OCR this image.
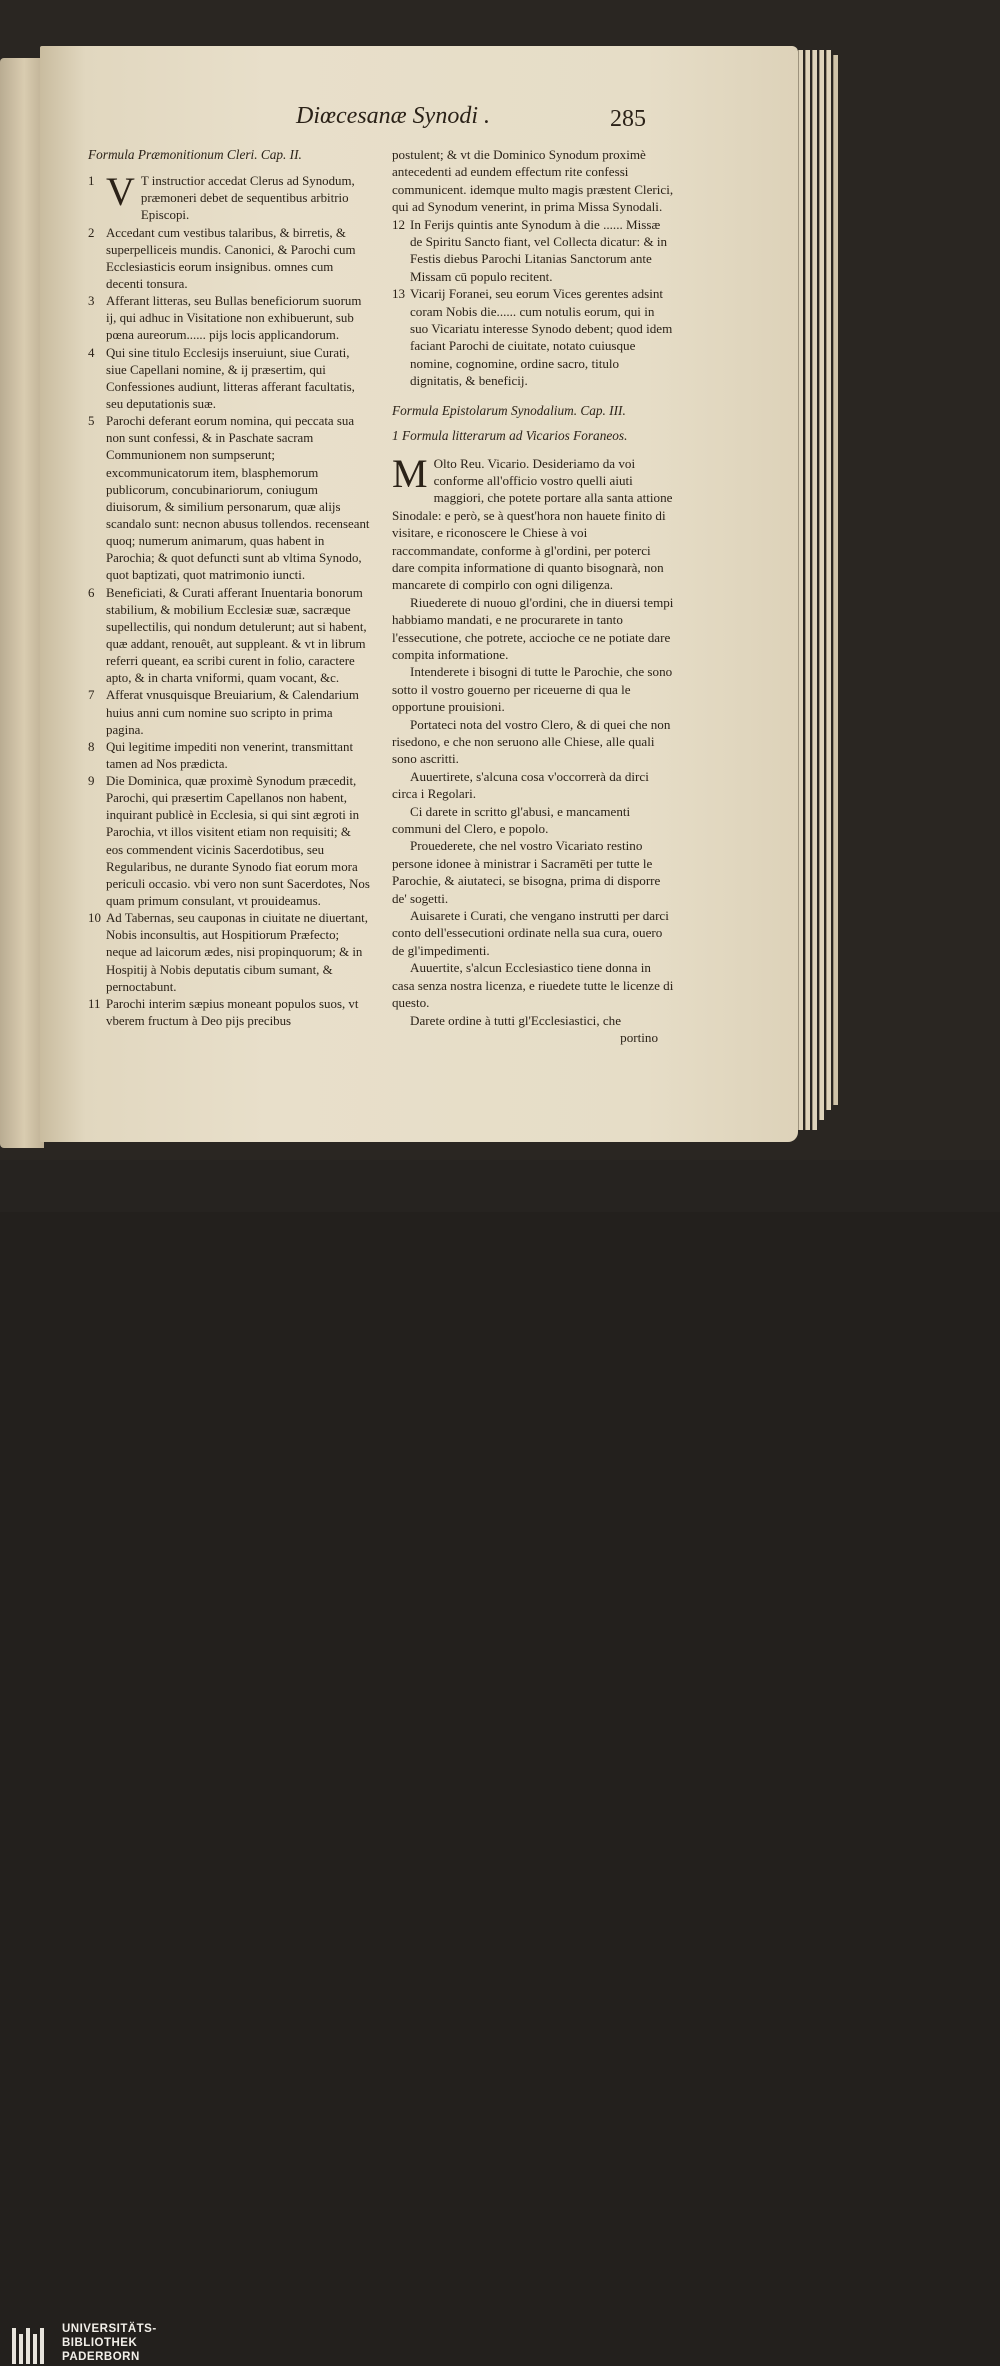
Diœcesanæ Synodi .	285
Formula Præmonitionum Cleri. Cap. II.
1 V T instructior accedat Clerus ad Synodum, præmoneri debet de sequentibus arbitrio Episcopi.
2 Accedant cum vestibus talaribus, & birretis, & superpelliceis mundis. Canonici, & Parochi cum Ecclesiasticis eorum insignibus. omnes cum decenti tonsura.
3 Afferant litteras, seu Bullas beneficiorum suorum ij, qui adhuc in Visitatione non exhibuerunt, sub pœna aureorum...... pijs locis applicandorum.
4 Qui sine titulo Ecclesijs inseruiunt, siue Curati, siue Capellani nomine, & ij præsertim, qui Confessiones audiunt, litteras afferant facultatis, seu deputationis suæ.
5 Parochi deferant eorum nomina, qui peccata sua non sunt confessi, & in Paschate sacram Communionem non sumpserunt; excommunicatorum item, blasphemorum publicorum, concubinariorum, coniugum diuisorum, & similium personarum, quæ alijs scandalo sunt: necnon abusus tollendos. recenseant quoq; numerum animarum, quas habent in Parochia; & quot defuncti sunt ab vltima Synodo, quot baptizati, quot matrimonio iuncti.
6 Beneficiati, & Curati afferant Inuentaria bonorum stabilium, & mobilium Ecclesiæ suæ, sacræque supellectilis, qui nondum detulerunt; aut si habent, quæ addant, renouêt, aut suppleant. & vt in librum referri queant, ea scribi curent in folio, caractere apto, & in charta vniformi, quam vocant, &c.
7 Afferat vnusquisque Breuiarium, & Calendarium huius anni cum nomine suo scripto in prima pagina.
8 Qui legitime impediti non venerint, transmittant tamen ad Nos prædicta.
9 Die Dominica, quæ proximè Synodum præcedit, Parochi, qui præsertim Capellanos non habent, inquirant publicè in Ecclesia, si qui sint ægroti in Parochia, vt illos visitent etiam non requisiti; & eos commendent vicinis Sacerdotibus, seu Regularibus, ne durante Synodo fiat eorum mora periculi occasio. vbi vero non sunt Sacerdotes, Nos quam primum consulant, vt prouideamus.
10 Ad Tabernas, seu cauponas in ciuitate ne diuertant, Nobis inconsultis, aut Hospitiorum Præfecto; neque ad laicorum ædes, nisi propinquorum; & in Hospitij à Nobis deputatis cibum sumant, & pernoctabunt.
11 Parochi interim sæpius moneant populos suos, vt vberem fructum à Deo pijs precibus
postulent; & vt die Dominico Synodum proximè antecedenti ad eundem effectum rite confessi communicent. idemque multo magis præstent Clerici, qui ad Synodum venerint, in prima Missa Synodali.
12 In Ferijs quintis ante Synodum à die ...... Missæ de Spiritu Sancto fiant, vel Collecta dicatur: & in Festis diebus Parochi Litanias Sanctorum ante Missam cū populo recitent.
13 Vicarij Foranei, seu eorum Vices gerentes adsint coram Nobis die...... cum notulis eorum, qui in suo Vicariatu interesse Synodo debent; quod idem faciant Parochi de ciuitate, notato cuiusque nomine, cognomine, ordine sacro, titulo dignitatis, & beneficij.
Formula Epistolarum Synodalium. Cap. III.
1 Formula litterarum ad Vicarios Foraneos.
M Olto Reu. Vicario. Desideriamo da voi conforme all'officio vostro quelli aiuti maggiori, che potete portare alla santa attione Sinodale: e però, se à quest'hora non hauete finito di visitare, e riconoscere le Chiese à voi raccommandate, conforme à gl'ordini, per poterci dare compita informatione di quanto bisognarà, non mancarete di compirlo con ogni diligenza.
Riuederete di nuouo gl'ordini, che in diuersi tempi habbiamo mandati, e ne procurarete in tanto l'essecutione, che potrete, accioche ce ne potiate dare compita informatione.
Intenderete i bisogni di tutte le Parochie, che sono sotto il vostro gouerno per riceuerne di qua le opportune prouisioni.
Portateci nota del vostro Clero, & di quei che non risedono, e che non seruono alle Chiese, alle quali sono ascritti.
Auuertirete, s'alcuna cosa v'occorrerà da dirci circa i Regolari.
Ci darete in scritto gl'abusi, e mancamenti communi del Clero, e popolo.
Prouederete, che nel vostro Vicariato restino persone idonee à ministrar i Sacramēti per tutte le Parochie, & aiutateci, se bisogna, prima di disporre de' sogetti.
Auisarete i Curati, che vengano instrutti per darci conto dell'essecutioni ordinate nella sua cura, ouero de gl'impedimenti.
Auuertite, s'alcun Ecclesiastico tiene donna in casa senza nostra licenza, e riuedete tutte le licenze di questo.
Darete ordine à tutti gl'Ecclesiastici, che
portino
UNIVERSITÄTS-
BIBLIOTHEK
PADERBORN
